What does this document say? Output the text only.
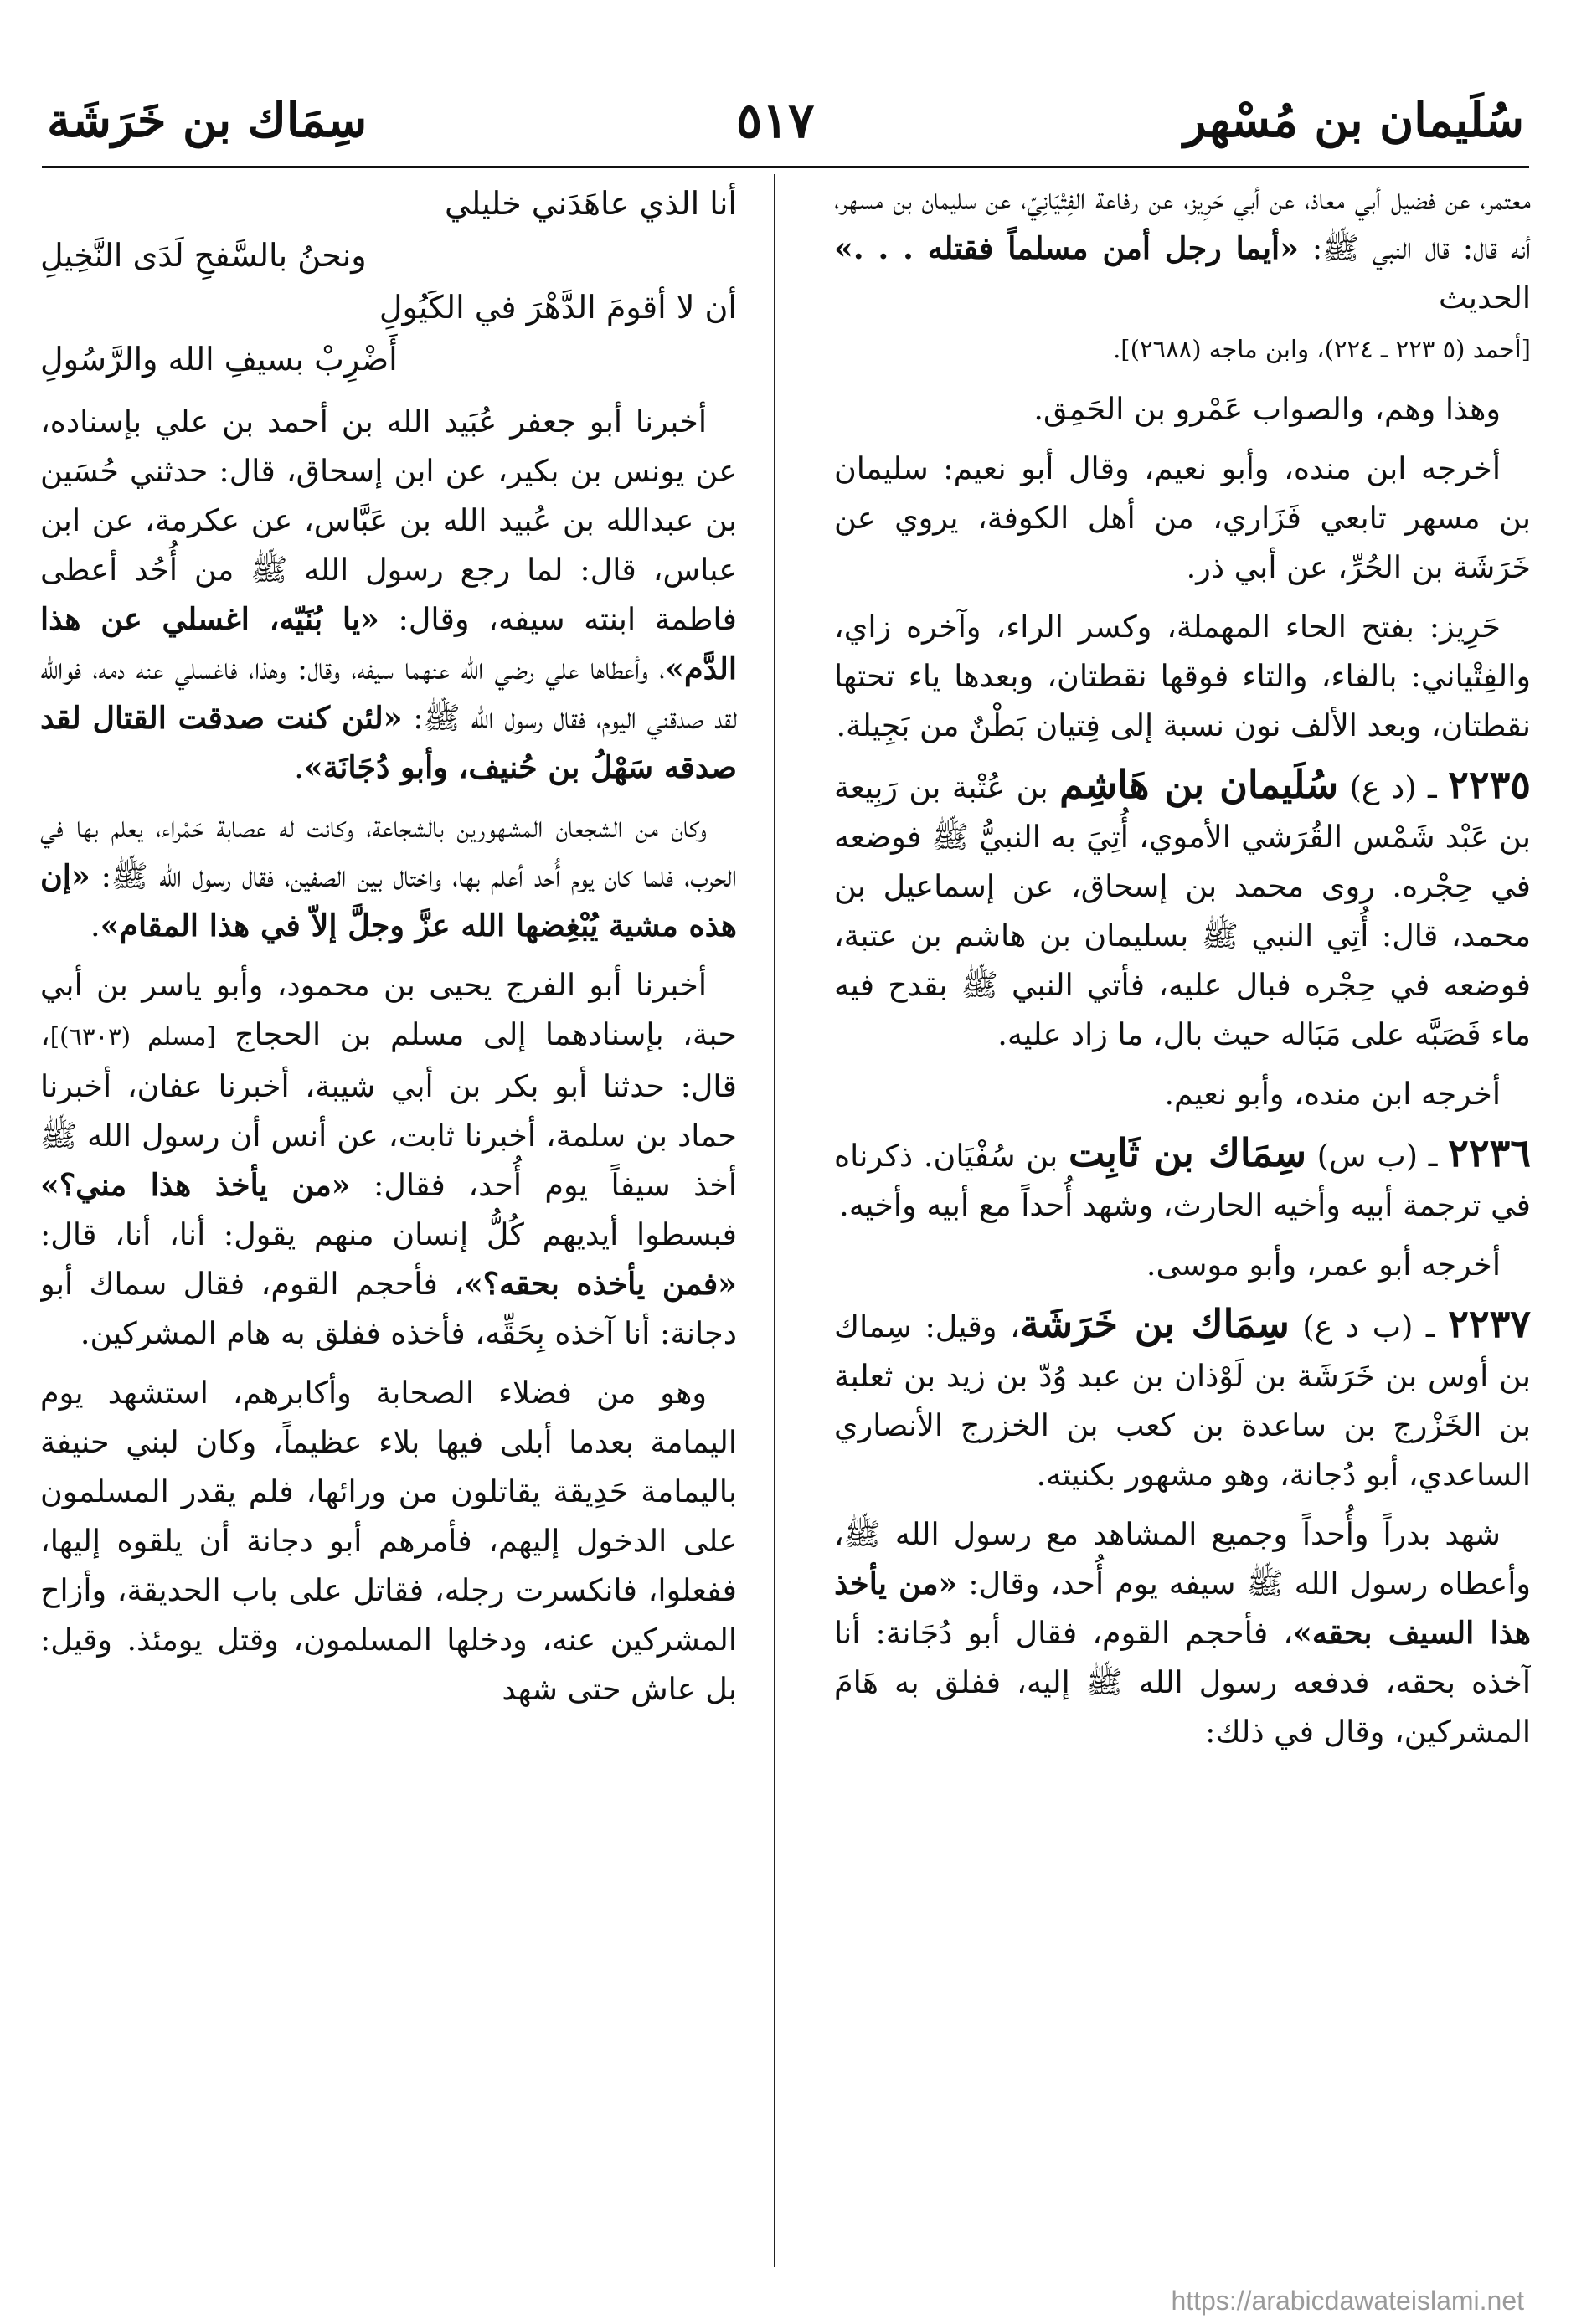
سُلَيمان بن مُسْهر
٥١٧
سِمَاك بن خَرَشَة

معتمر، عن فضيل أبي معاذ، عن أبي حَرِيز، عن رفاعة الفِتْيَانِيّ، عن سليمان بن مسهر، أنه قال: قال النبي ﷺ: «أيما رجل أمن مسلماً فقتله . . .» الحديث
[أحمد (٥ ٢٢٣ ـ ٢٢٤)، وابن ماجه (٢٦٨٨)].

وهذا وهم، والصواب عَمْرو بن الحَمِق.

أخرجه ابن منده، وأبو نعيم، وقال أبو نعيم: سليمان بن مسهر تابعي فَزَاري، من أهل الكوفة، يروي عن خَرَشَة بن الحُرِّ، عن أبي ذر.

حَرِيز: بفتح الحاء المهملة، وكسر الراء، وآخره زاي، والفِتْياني: بالفاء، والتاء فوقها نقطتان، وبعدها ياء تحتها نقطتان، وبعد الألف نون نسبة إلى فِتيان بَطْنٌ من بَجِيلة.

٢٢٣٥ ـ (د ع) سُلَيمان بن هَاشِم بن عُتْبة بن رَبِيعة بن عَبْد شَمْس القُرَشي الأموي، أُتِيَ به النبيُّ ﷺ فوضعه في حِجْره. روى محمد بن إسحاق، عن إسماعيل بن محمد، قال: أُتِي النبي ﷺ بسليمان بن هاشم بن عتبة، فوضعه في حِجْره فبال عليه، فأتي النبي ﷺ بقدح فيه ماء فَصَبَّه على مَبَاله حيث بال، ما زاد عليه.

أخرجه ابن منده، وأبو نعيم.

٢٢٣٦ ـ (ب س) سِمَاك بن ثَابِت بن سُفْيَان. ذكرناه في ترجمة أبيه وأخيه الحارث، وشهد أُحداً مع أبيه وأخيه.

أخرجه أبو عمر، وأبو موسى.

٢٢٣٧ ـ (ب د ع) سِمَاك بن خَرَشَة، وقيل: سِماك بن أوس بن خَرَشَة بن لَوْذان بن عبد وُدّ بن زيد بن ثعلبة بن الخَزْرج بن ساعدة بن كعب بن الخزرج الأنصاري الساعدي، أبو دُجانة، وهو مشهور بكنيته.

شهد بدراً وأُحداً وجميع المشاهد مع رسول الله ﷺ، وأعطاه رسول الله ﷺ سيفه يوم أُحد، وقال: «من يأخذ هذا السيف بحقه»، فأحجم القوم، فقال أبو دُجَانة: أنا آخذه بحقه، فدفعه رسول الله ﷺ إليه، ففلق به هَامَ المشركين، وقال في ذلك:

أنا الذي عاهَدَني خليلي
ونحنُ بالسَّفحِ لَدَى النَّخِيلِ
أن لا أقومَ الدَّهْرَ في الكَيُولِ
أَضْرِبْ بسيفِ الله والرَّسُولِ

أخبرنا أبو جعفر عُبَيد الله بن أحمد بن علي بإسناده، عن يونس بن بكير، عن ابن إسحاق، قال: حدثني حُسَين بن عبدالله بن عُبيد الله بن عَبَّاس، عن عكرمة، عن ابن عباس، قال: لما رجع رسول الله ﷺ من أُحُد أعطى فاطمة ابنته سيفه، وقال: «يا بُنَيّه، اغسلي عن هذا الدَّم»، وأعطاها علي رضي الله عنهما سيفه، وقال: وهذا، فاغسلي عنه دمه، فوالله لقد صدقني اليوم، فقال رسول الله ﷺ: «لئن كنت صدقت القتال لقد صدقه سَهْلُ بن حُنيف، وأبو دُجَانَة».

وكان من الشجعان المشهورين بالشجاعة، وكانت له عصابة حَمْراء، يعلم بها في الحرب، فلما كان يوم أُحد أعلم بها، واختال بين الصفين، فقال رسول الله ﷺ: «إن هذه مشية يُبْغِضها الله عزَّ وجلَّ إلاّ في هذا المقام».

أخبرنا أبو الفرج يحيى بن محمود، وأبو ياسر بن أبي حبة، بإسنادهما إلى مسلم بن الحجاج [مسلم (٦٣٠٣)]، قال: حدثنا أبو بكر بن أبي شيبة، أخبرنا عفان، أخبرنا حماد بن سلمة، أخبرنا ثابت، عن أنس أن رسول الله ﷺ أخذ سيفاً يوم أُحد، فقال: «من يأخذ هذا مني؟» فبسطوا أيديهم كُلُّ إنسان منهم يقول: أنا، أنا، قال: «فمن يأخذه بحقه؟»، فأحجم القوم، فقال سماك أبو دجانة: أنا آخذه بِحَقِّه، فأخذه ففلق به هام المشركين.

وهو من فضلاء الصحابة وأكابرهم، استشهد يوم اليمامة بعدما أبلى فيها بلاء عظيماً، وكان لبني حنيفة باليمامة حَدِيقة يقاتلون من ورائها، فلم يقدر المسلمون على الدخول إليهم، فأمرهم أبو دجانة أن يلقوه إليها، ففعلوا، فانكسرت رجله، فقاتل على باب الحديقة، وأزاح المشركين عنه، ودخلها المسلمون، وقتل يومئذ. وقيل: بل عاش حتى شهد

https://arabicdawateislami.net
